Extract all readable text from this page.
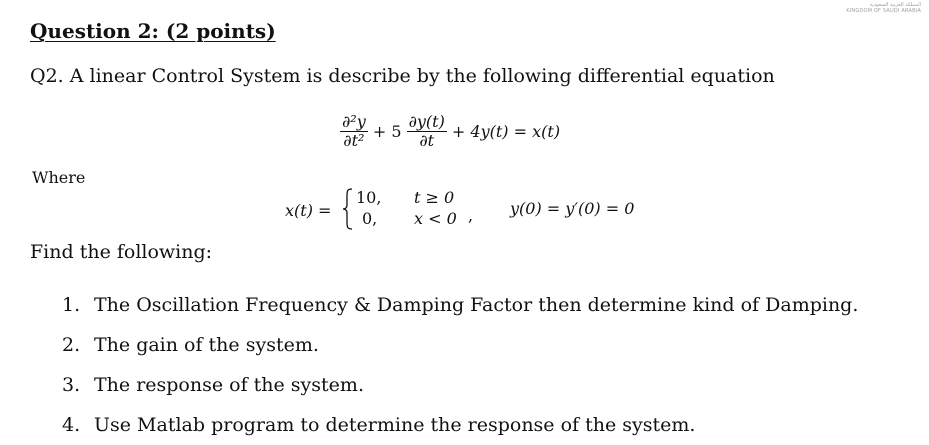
المملكة العربية السعودية
KINGDOM OF SAUDI ARABIA
Question 2: (2 points)
Q2. A linear Control System is describe by the following differential equation
$\frac{\text{∂²y}}{\text{∂t²}} + 5 \frac{\partial y(t)}{\partial t} + 4y(t) = x(t)$
Where
x(t) =
10, t ≥ 0
0, x < 0 , y(0) = y′(0) = 0
Find the following:
1. The Oscillation Frequency & Damping Factor then determine kind of Damping.
2. The gain of the system.
3. The response of the system.
4. Use Matlab program to determine the response of the system.
